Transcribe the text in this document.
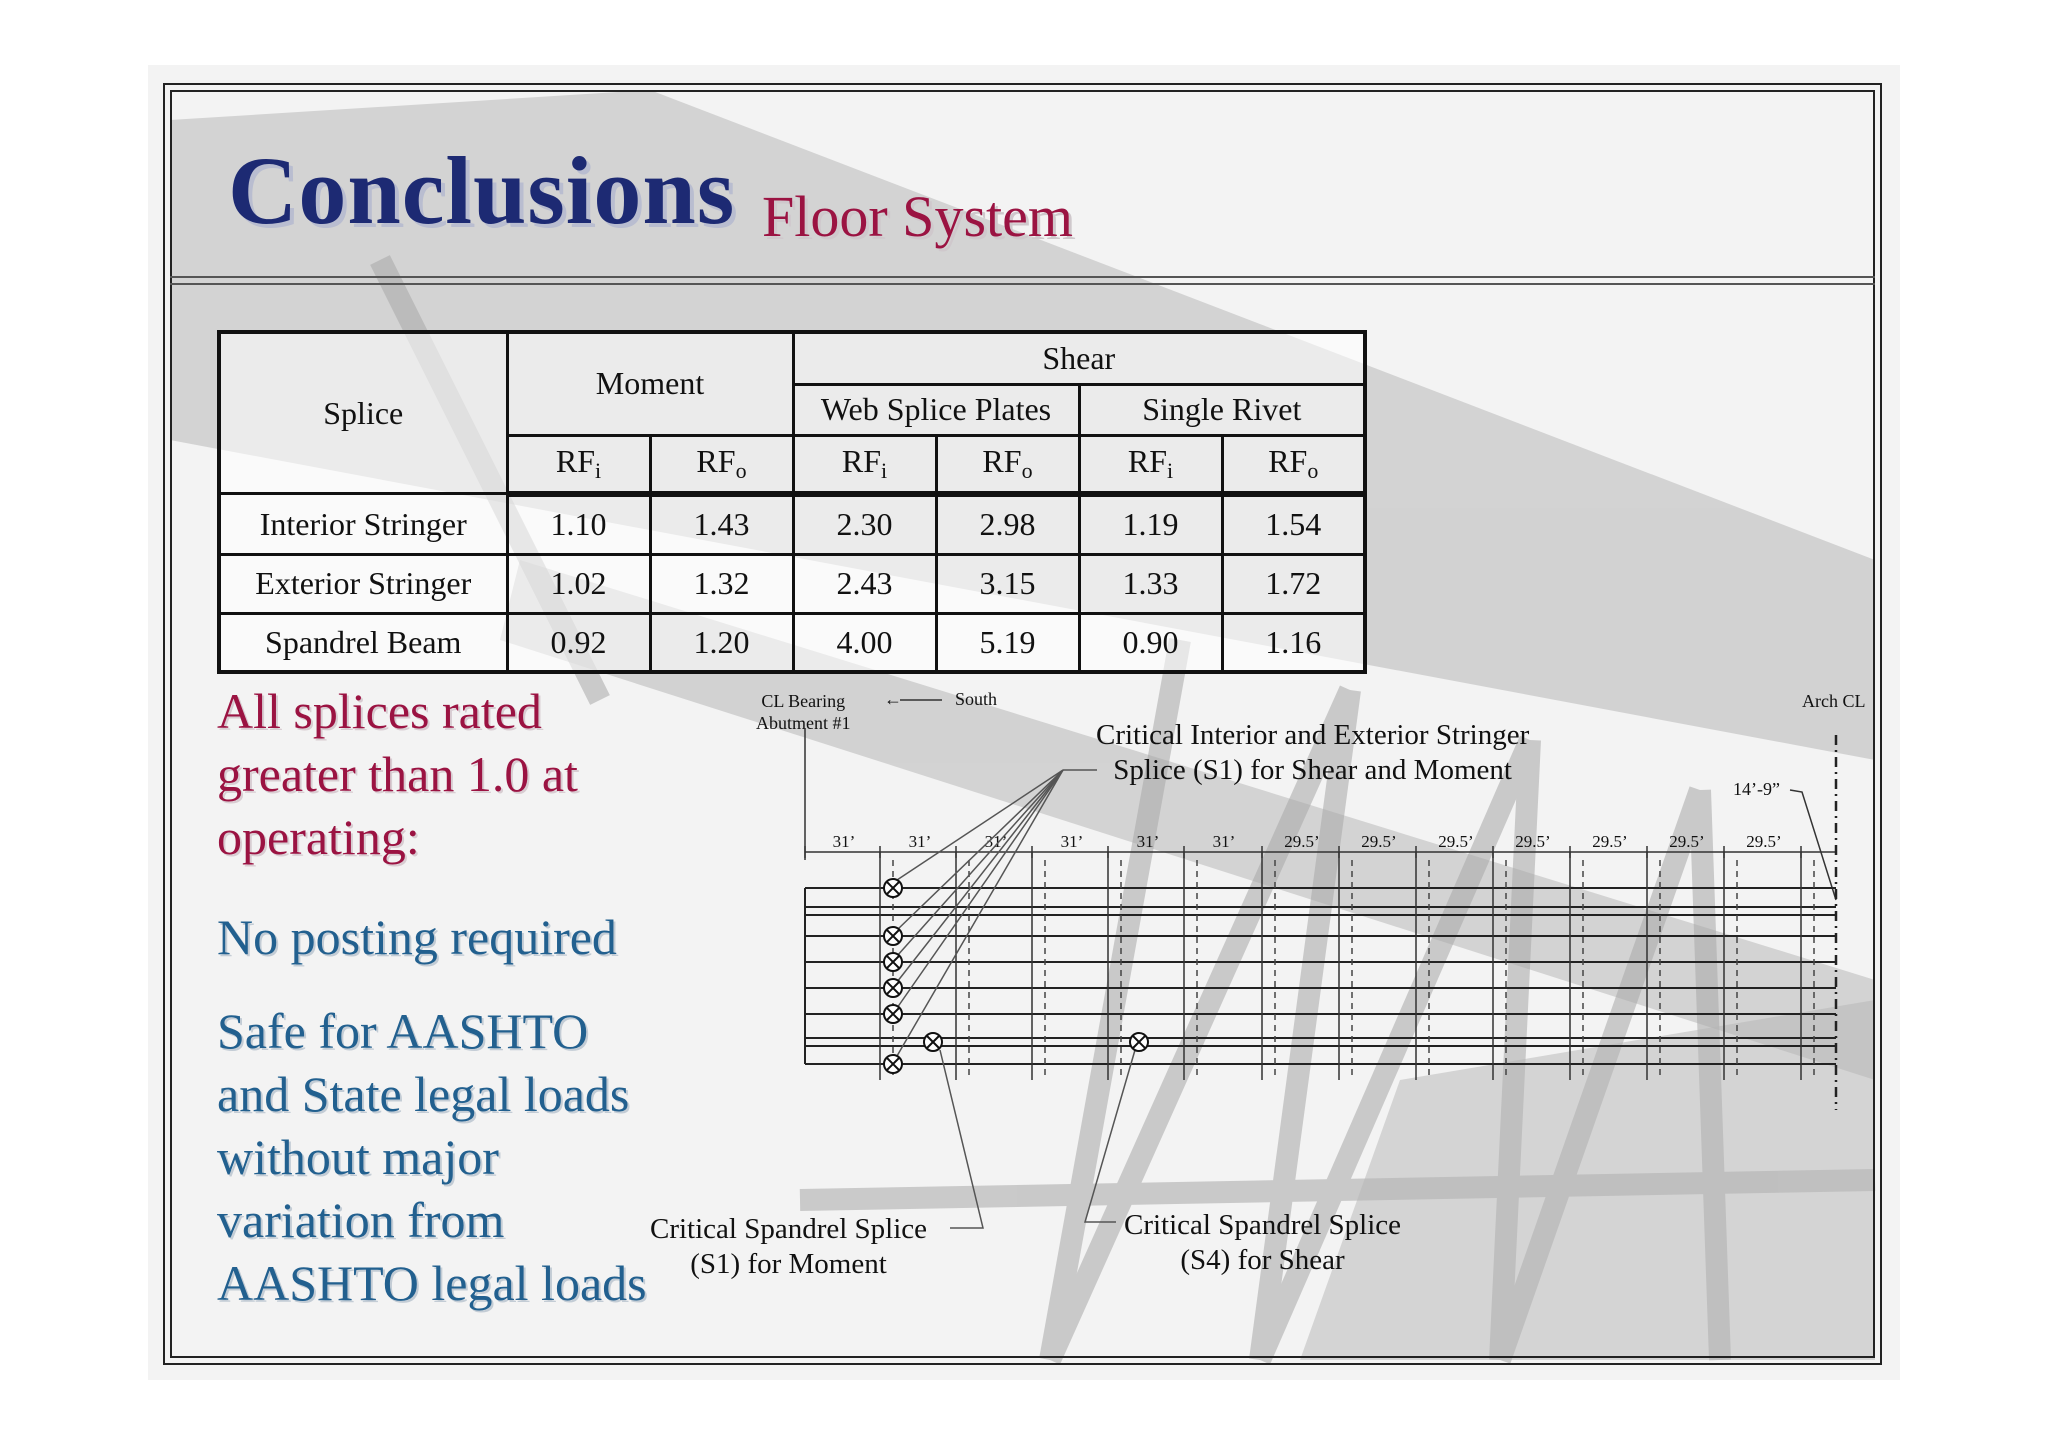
Conclusions Floor System
Splice	Moment		Shear			
			Web Splice Plates		Single Rivet	
	RFi	RFo	RFi	RFo	RFi	RFo
Interior Stringer	1.10	1.43	2.30	2.98	1.19	1.54
Exterior Stringer	1.02	1.32	2.43	3.15	1.33	1.72
Spandrel Beam	0.92	1.20	4.00	5.19	0.90	1.16
All splices rated
greater than 1.0 at
operating:
No posting required
Safe for AASHTO
and State legal loads
without major
variation from
AASHTO legal loads
CL Bearing
Abutment #1
←	South	Arch CL
Critical Interior and Exterior Stringer
Splice (S1) for Shear and Moment
14’-9”
31’	31’	31’	31’	31’	31’	29.5’	29.5’	29.5’	29.5’	29.5’	29.5’	29.5’
Critical Spandrel Splice
(S1) for Moment
Critical Spandrel Splice
(S4) for Shear
